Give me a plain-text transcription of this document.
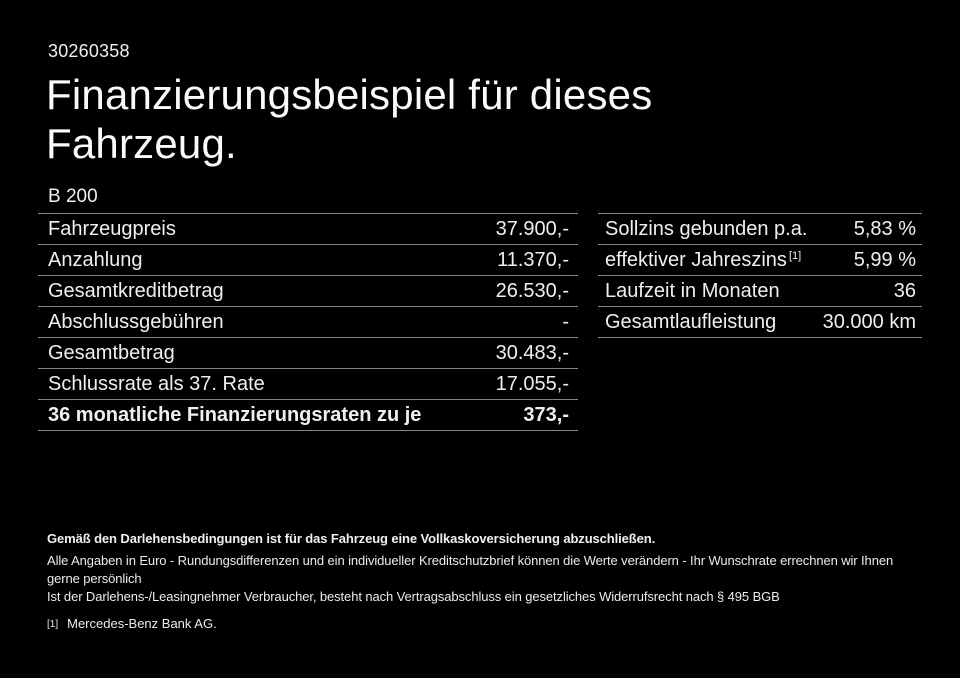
30260358
Finanzierungsbeispiel für dieses
Fahrzeug.
B 200
Fahrzeugpreis	37.900,-
Anzahlung	11.370,-
Gesamtkreditbetrag	26.530,-
Abschlussgebühren	-
Gesamtbetrag	30.483,-
Schlussrate als 37. Rate	17.055,-
36 monatliche Finanzierungsraten zu je	373,-
Sollzins gebunden p.a. 5,83 %
effektiver Jahreszins [1]	5,99 %
Laufzeit in Monaten	36
Gesamtlaufleistung 30.000 km
Gemäß den Darlehensbedingungen ist für das Fahrzeug eine Vollkaskoversicherung abzuschließen.
Alle Angaben in Euro - Rundungsdifferenzen und ein individueller Kreditschutzbrief können die Werte verändern - Ihr Wunschrate errechnen wir Ihnen gerne persönlich
Ist der Darlehens-/Leasingnehmer Verbraucher, besteht nach Vertragsabschluss ein gesetzliches Widerrufsrecht nach § 495 BGB
[1] Mercedes-Benz Bank AG.
